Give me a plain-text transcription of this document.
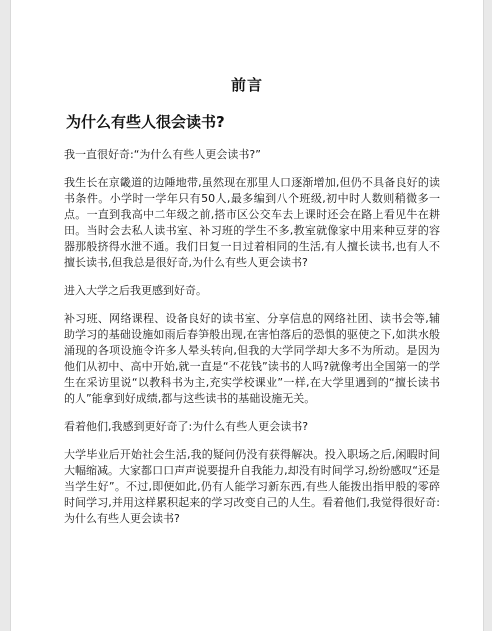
前言
为什么有些人很会读书?

我一直很好奇:“为什么有些人更会读书?”

我生长在京畿道的边陲地带,虽然现在那里人口逐渐增加,但仍不具备良好的读书条件。小学时一学年只有50人,最多编到八个班级,初中时人数则稍微多一点。一直到我高中二年级之前,搭市区公交车去上课时还会在路上看见牛在耕田。当时会去私人读书室、补习班的学生不多,教室就像家中用来种豆芽的容器那般挤得水泄不通。我们日复一日过着相同的生活,有人擅长读书,也有人不擅长读书,但我总是很好奇,为什么有些人更会读书?

进入大学之后我更感到好奇。

补习班、网络课程、设备良好的读书室、分享信息的网络社团、读书会等,辅助学习的基础设施如雨后春笋般出现,在害怕落后的恐惧的驱使之下,如洪水般涌现的各项设施令许多人晕头转向,但我的大学同学却大多不为所动。是因为他们从初中、高中开始,就一直是“不花钱”读书的人吗?就像考出全国第一的学生在采访里说“以教科书为主,充实学校课业”一样,在大学里遇到的“擅长读书的人”能拿到好成绩,都与这些读书的基础设施无关。

看着他们,我感到更好奇了:为什么有些人更会读书?

大学毕业后开始社会生活,我的疑问仍没有获得解决。投入职场之后,闲暇时间大幅缩减。大家都口口声声说要提升自我能力,却没有时间学习,纷纷感叹“还是当学生好”。不过,即便如此,仍有人能学习新东西,有些人能拨出指甲般的零碎时间学习,并用这样累积起来的学习改变自己的人生。看着他们,我觉得很好奇:为什么有些人更会读书?
